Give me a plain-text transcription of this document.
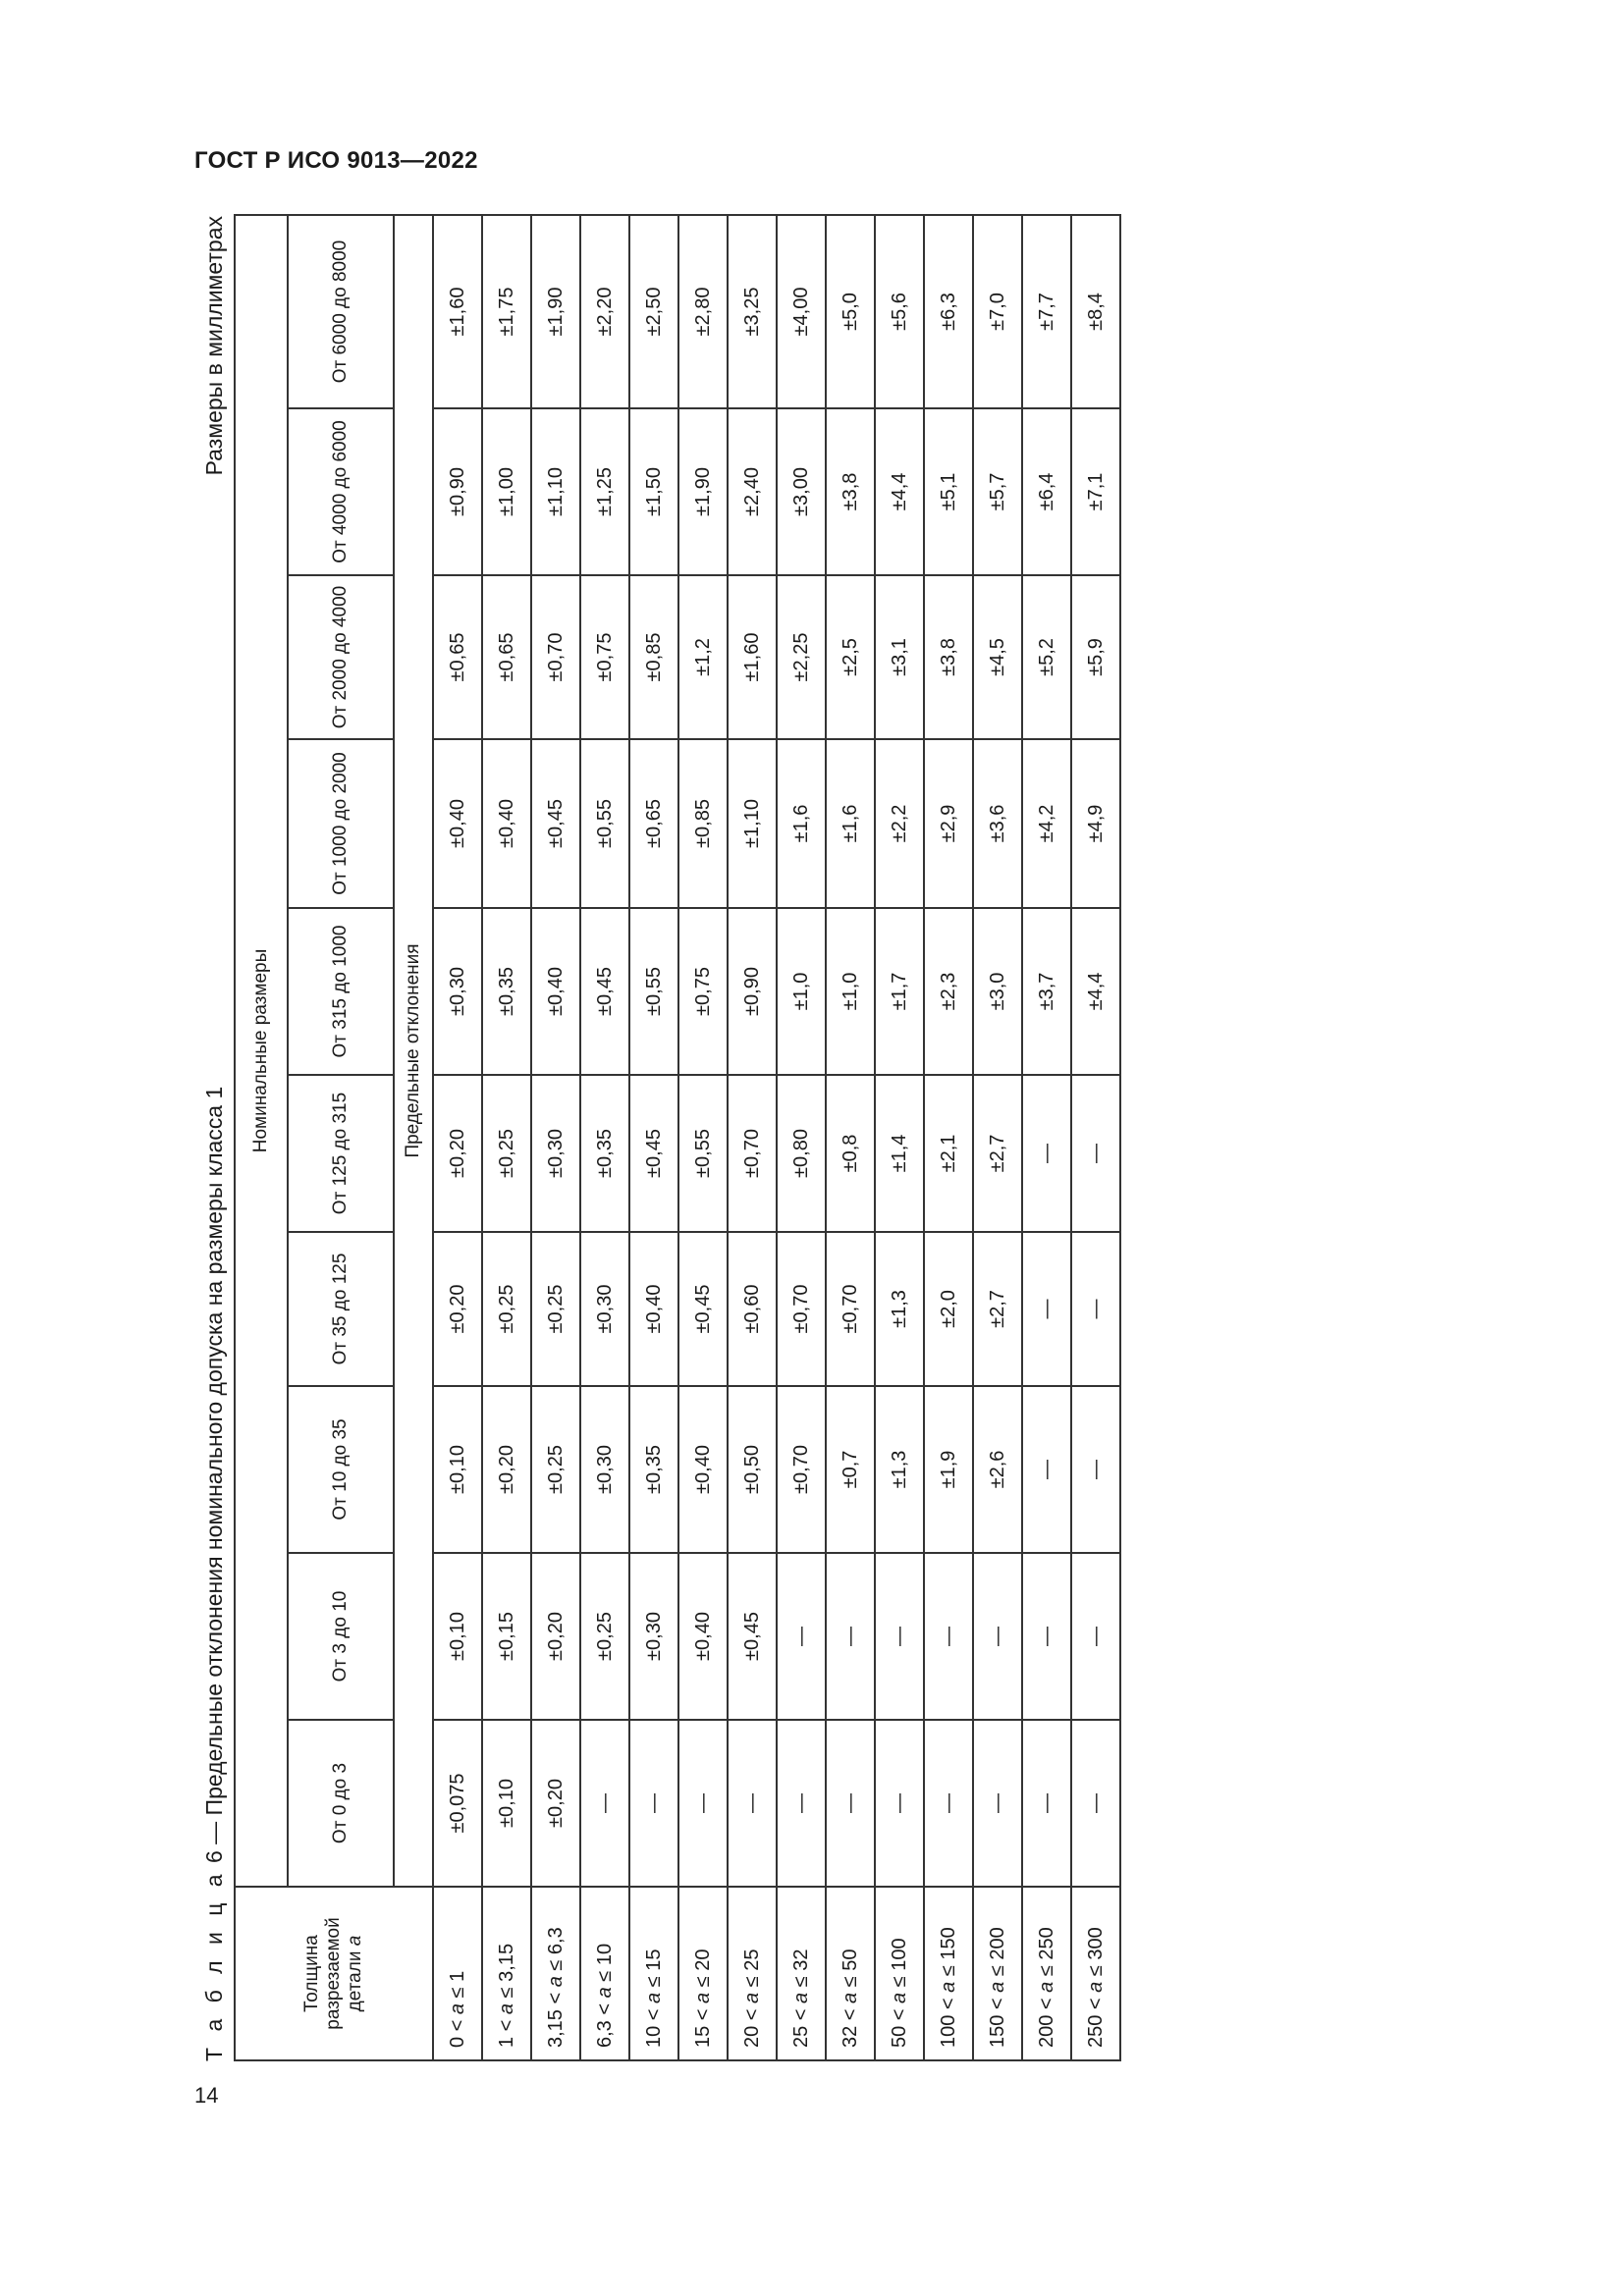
ГОСТ Р ИСО 9013—2022
Т а б л и ц а 6 — Предельные отклонения номинального допуска на размеры класса 1
Размеры в миллиметрах
Толщина разрезаемой детали a	Номинальные размеры									
	От 0 до 3	От 3 до 10	От 10 до 35	От 35 до 125	От 125 до 315	От 315 до 1000	От 1000 до 2000	От 2000 до 4000	От 4000 до 6000	От 6000 до 8000
	Предельные отклонения									
0 < a ≤ 1	±0,075	±0,10	±0,10	±0,20	±0,20	±0,30	±0,40	±0,65	±0,90	±1,60
1 < a ≤ 3,15	±0,10	±0,15	±0,20	±0,25	±0,25	±0,35	±0,40	±0,65	±1,00	±1,75
3,15 < a ≤ 6,3	±0,20	±0,20	±0,25	±0,25	±0,30	±0,40	±0,45	±0,70	±1,10	±1,90
6,3 < a ≤ 10	—	±0,25	±0,30	±0,30	±0,35	±0,45	±0,55	±0,75	±1,25	±2,20
10 < a ≤ 15	—	±0,30	±0,35	±0,40	±0,45	±0,55	±0,65	±0,85	±1,50	±2,50
15 < a ≤ 20	—	±0,40	±0,40	±0,45	±0,55	±0,75	±0,85	±1,2	±1,90	±2,80
20 < a ≤ 25	—	±0,45	±0,50	±0,60	±0,70	±0,90	±1,10	±1,60	±2,40	±3,25
25 < a ≤ 32	—	—	±0,70	±0,70	±0,80	±1,0	±1,6	±2,25	±3,00	±4,00
32 < a ≤ 50	—	—	±0,7	±0,70	±0,8	±1,0	±1,6	±2,5	±3,8	±5,0
50 < a ≤ 100	—	—	±1,3	±1,3	±1,4	±1,7	±2,2	±3,1	±4,4	±5,6
100 < a ≤ 150	—	—	±1,9	±2,0	±2,1	±2,3	±2,9	±3,8	±5,1	±6,3
150 < a ≤ 200	—	—	±2,6	±2,7	±2,7	±3,0	±3,6	±4,5	±5,7	±7,0
200 < a ≤ 250	—	—	—	—	—	±3,7	±4,2	±5,2	±6,4	±7,7
250 < a ≤ 300	—	—	—	—	—	±4,4	±4,9	±5,9	±7,1	±8,4
14
